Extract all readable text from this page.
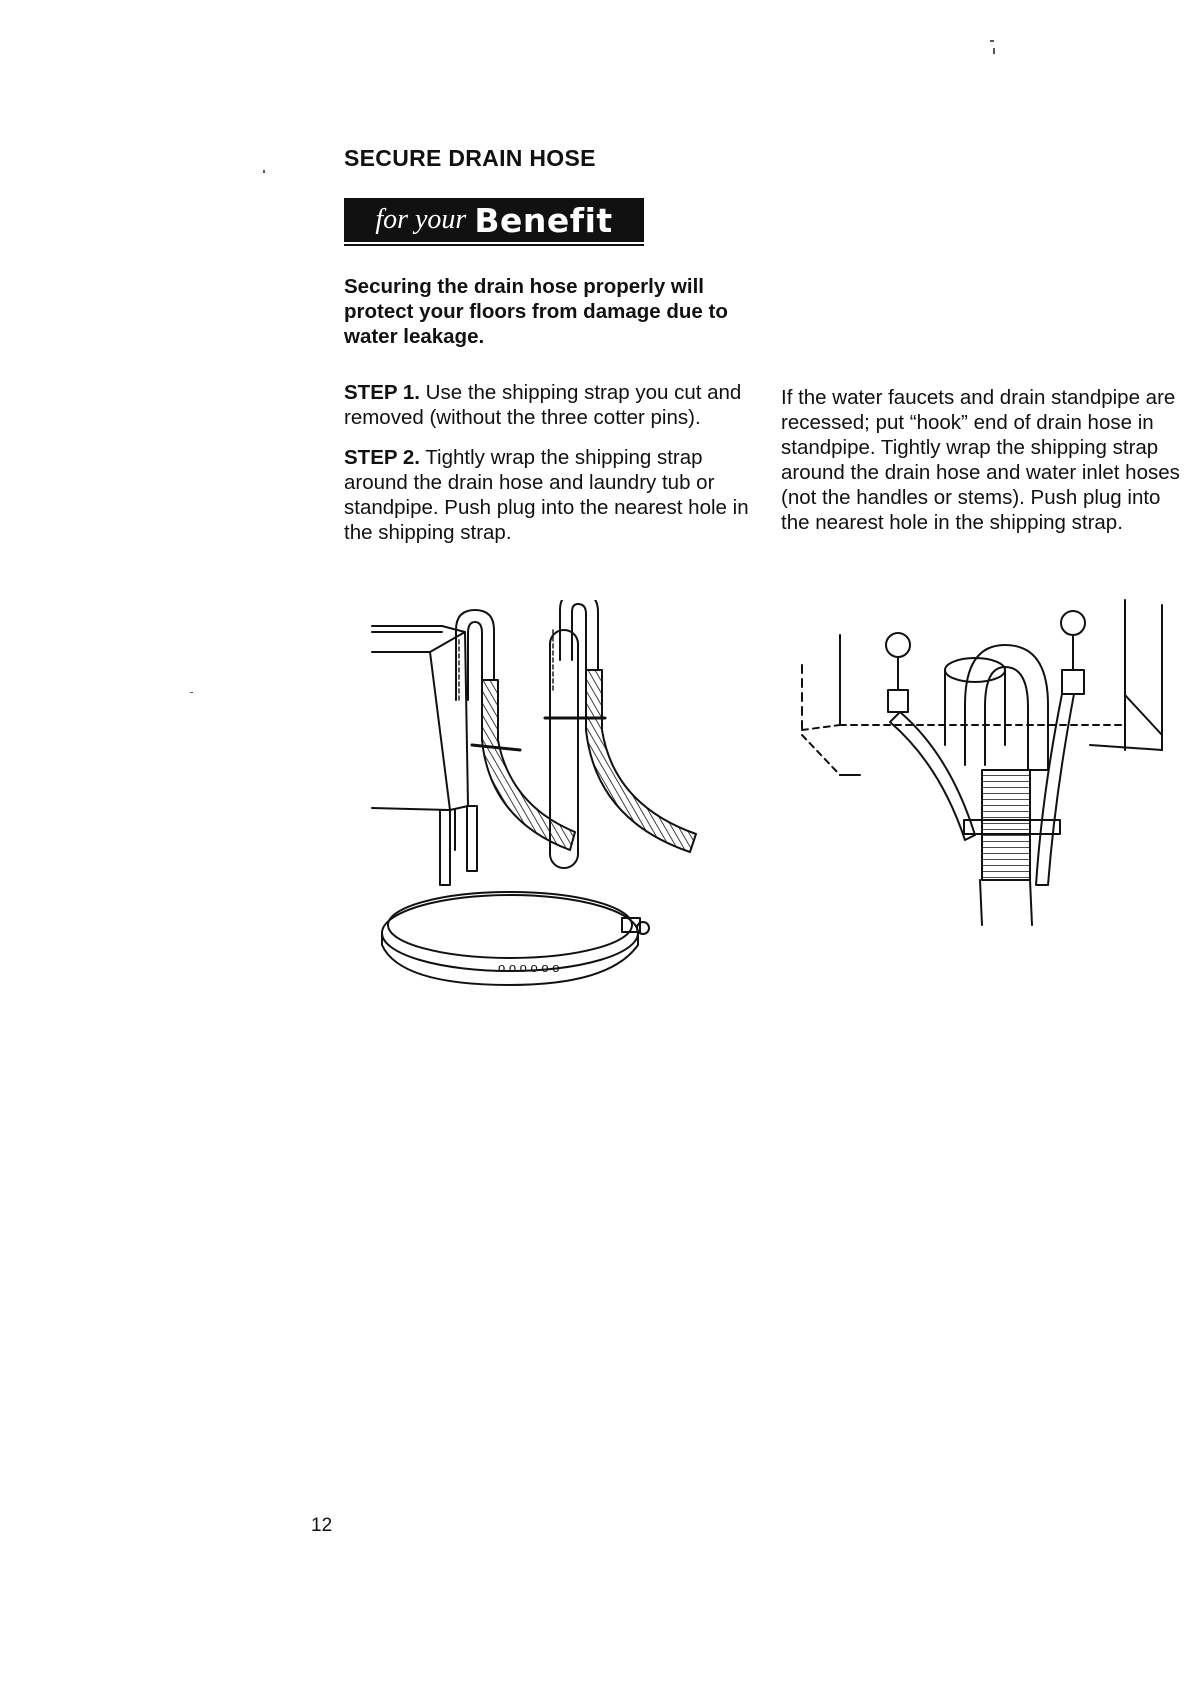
SECURE DRAIN HOSE
for your Benefit

Securing the drain hose properly will protect your floors from damage due to water leakage.

STEP 1. Use the shipping strap you cut and removed (without the three cotter pins).

STEP 2. Tightly wrap the shipping strap around the drain hose and laundry tub or standpipe. Push plug into the nearest hole in the shipping strap.

If the water faucets and drain standpipe are recessed; put “hook” end of drain hose in standpipe. Tightly wrap the shipping strap around the drain hose and water inlet hoses (not the handles or stems). Push plug into the nearest hole in the shipping strap.

o o o o o o
12
